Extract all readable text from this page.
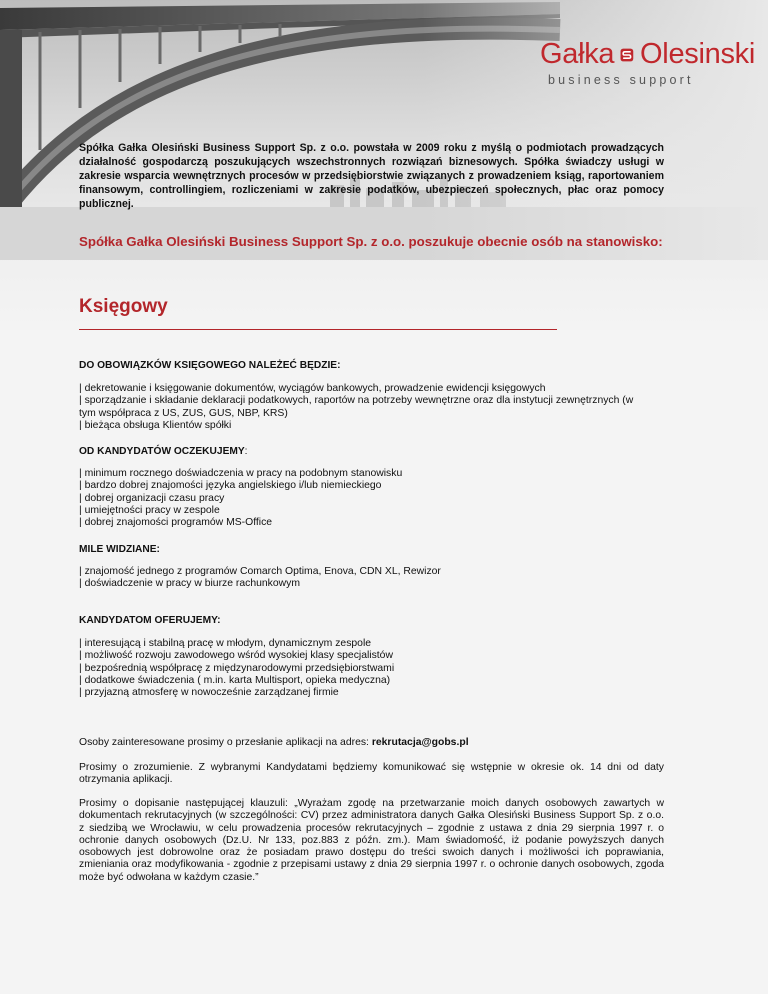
Gałka Olesinski
business support
Spółka Gałka Olesiński Business Support Sp. z o.o. powstała w 2009 roku z myślą o podmiotach prowadzących działalność gospodarczą poszukujących wszechstronnych rozwiązań biznesowych. Spółka świadczy usługi w zakresie wsparcia wewnętrznych procesów w przedsiębiorstwie związanych z prowadzeniem ksiąg, raportowaniem finansowym, controllingiem, rozliczeniami w zakresie podatków, ubezpieczeń społecznych, płac oraz pomocy publicznej.
Spółka Gałka Olesiński Business Support Sp. z o.o. poszukuje obecnie osób na stanowisko:
Księgowy
DO OBOWIĄZKÓW KSIĘGOWEGO NALEŻEĆ BĘDZIE:
| dekretowanie i księgowanie dokumentów, wyciągów bankowych, prowadzenie ewidencji księgowych
| sporządzanie i składanie deklaracji podatkowych, raportów na potrzeby wewnętrzne oraz dla instytucji zewnętrznych (w tym współpraca z US, ZUS, GUS, NBP, KRS)
| bieżąca obsługa Klientów spółki
OD KANDYDATÓW OCZEKUJEMY:
| minimum rocznego doświadczenia w pracy na podobnym stanowisku
| bardzo dobrej znajomości języka angielskiego i/lub niemieckiego
| dobrej organizacji czasu pracy
| umiejętności pracy w zespole
| dobrej znajomości programów MS-Office
MILE WIDZIANE:
| znajomość jednego z programów Comarch Optima, Enova, CDN XL, Rewizor
| doświadczenie w pracy w biurze rachunkowym
KANDYDATOM OFERUJEMY:
| interesującą i stabilną pracę w młodym, dynamicznym zespole
| możliwość rozwoju zawodowego wśród wysokiej klasy specjalistów
| bezpośrednią współpracę z międzynarodowymi przedsiębiorstwami
| dodatkowe świadczenia ( m.in. karta Multisport, opieka medyczna)
| przyjazną atmosferę w nowocześnie zarządzanej firmie
Osoby zainteresowane prosimy o przesłanie aplikacji na adres: rekrutacja@gobs.pl
Prosimy o zrozumienie. Z wybranymi Kandydatami będziemy komunikować się wstępnie w okresie ok. 14 dni od daty otrzymania aplikacji.
Prosimy o dopisanie następującej klauzuli: „Wyrażam zgodę na przetwarzanie moich danych osobowych zawartych w dokumentach rekrutacyjnych (w szczególności: CV) przez administratora danych Gałka Olesiński Business Support Sp. z o.o. z siedzibą we Wrocławiu, w celu prowadzenia procesów rekrutacyjnych – zgodnie z ustawa z dnia 29 sierpnia 1997 r. o ochronie danych osobowych (Dz.U. Nr 133, poz.883 z późn. zm.). Mam świadomość, iż podanie powyższych danych osobowych jest dobrowolne oraz że posiadam prawo dostępu do treści swoich danych i możliwości ich poprawiania, zmieniania oraz modyfikowania - zgodnie z przepisami ustawy z dnia 29 sierpnia 1997 r. o ochronie danych osobowych, zgoda może być odwołana w każdym czasie.”
